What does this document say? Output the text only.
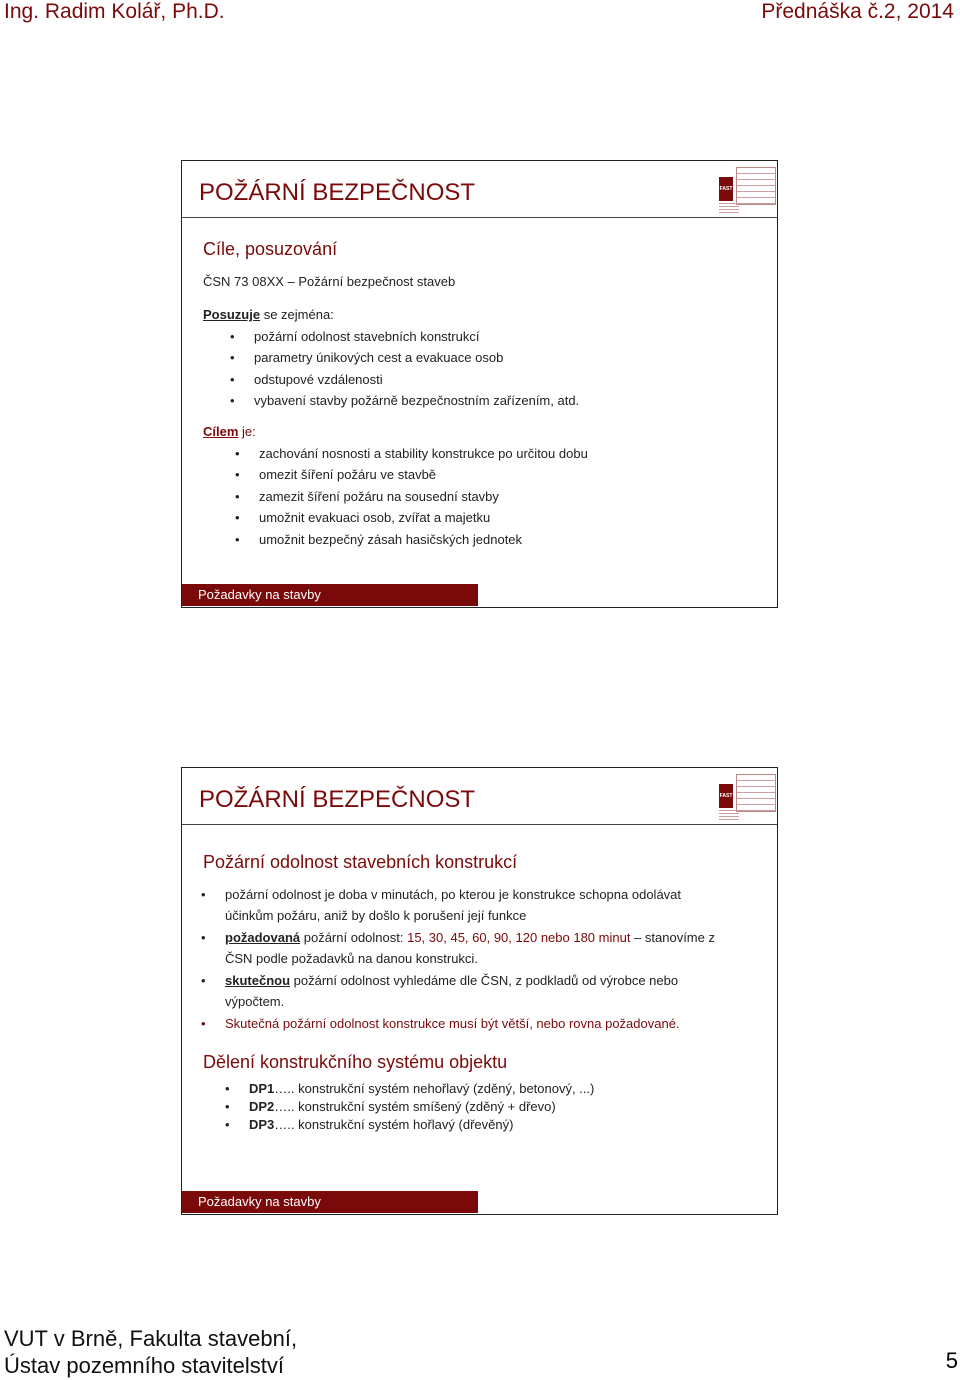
Ing. Radim Kolář, Ph.D.	Přednáška č.2, 2014
POŽÁRNÍ BEZPEČNOST	FAST
Cíle, posuzování
ČSN 73 08XX – Požární bezpečnost staveb
Posuzuje se zejména:
• požární odolnost stavebních konstrukcí
• parametry únikových cest a evakuace osob
• odstupové vzdálenosti
• vybavení stavby požárně bezpečnostním zařízením, atd.
Cílem je:
• zachování nosnosti a stability konstrukce po určitou dobu
• omezit šíření požáru ve stavbě
• zamezit šíření požáru na sousední stavby
• umožnit evakuaci osob, zvířat a majetku
• umožnit bezpečný zásah hasičských jednotek
Požadavky na stavby
POŽÁRNÍ BEZPEČNOST	FAST
Požární odolnost stavebních konstrukcí
• požární odolnost je doba v minutách, po kterou je konstrukce schopna odolávat účinkům požáru, aniž by došlo k porušení její funkce
• požadovaná požární odolnost: 15, 30, 45, 60, 90, 120 nebo 180 minut – stanovíme z ČSN podle požadavků na danou konstrukci.
• skutečnou požární odolnost vyhledáme dle ČSN, z podkladů od výrobce nebo výpočtem.
• Skutečná požární odolnost konstrukce musí být větší, nebo rovna požadované.
Dělení konstrukčního systému objektu
DP1….. konstrukční systém nehořlavý (zděný, betonový, ...)
DP2….. konstrukční systém smíšený (zděný + dřevo)
DP3….. konstrukční systém hořlavý (dřevěný)
Požadavky na stavby
VUT v Brně, Fakulta stavební,
Ústav pozemního stavitelství	5
